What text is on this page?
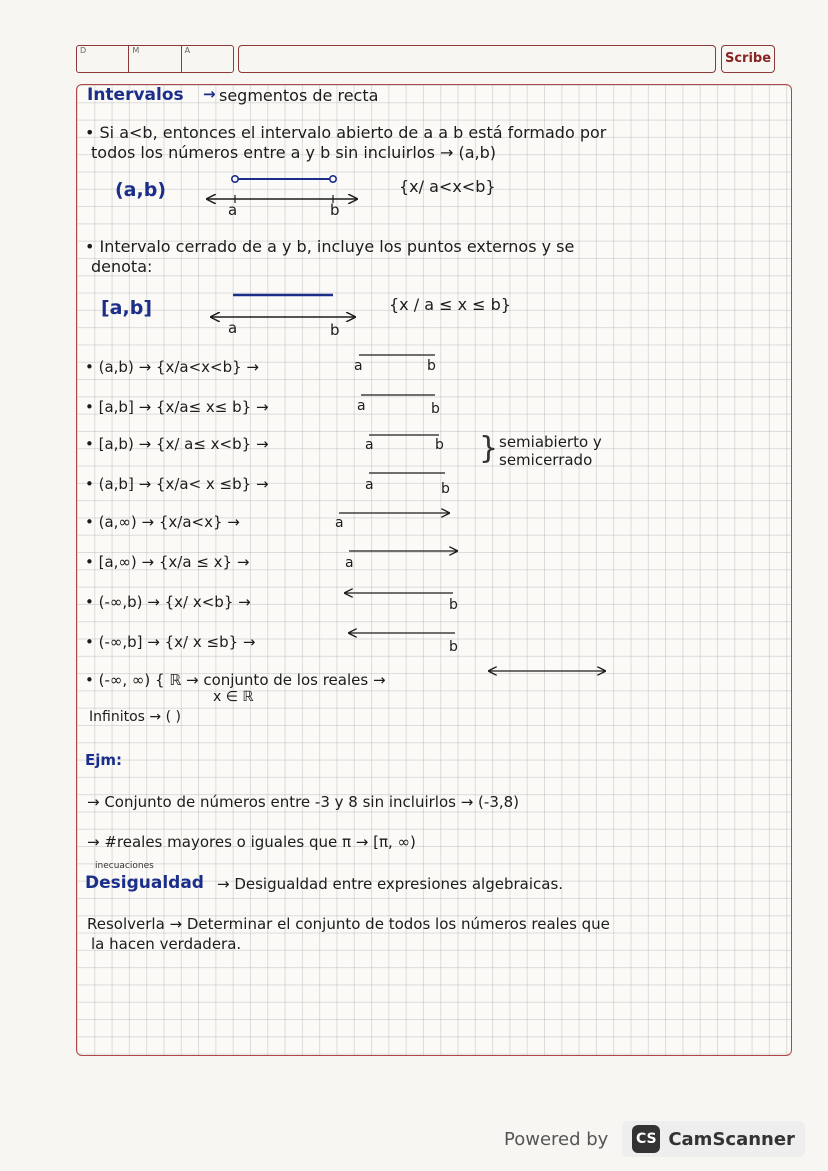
D	M	A
Scribe
Intervalos → segmentos de recta
• Si a<b, entonces el intervalo abierto de a a b está formado por
todos los números entre a y b sin incluirlos → (a,b)
(a,b)	{x/ a<x<b}
a	b
• Intervalo cerrado de a y b, incluye los puntos externos y se
denota:
[a,b]	{x / a ≤ x ≤ b}
a	b
• (a,b) → {x/a<x<b} →	a	b
• [a,b] → {x/a≤ x≤ b} →	a	b
• [a,b) → {x/ a≤ x<b} →	a	b
• (a,b] → {x/a< x ≤b} →	a	b
• (a,∞) → {x/a<x} →	a
• [a,∞) → {x/a ≤ x} →	a
• (-∞,b) → {x/ x<b} →	b
• (-∞,b] → {x/ x ≤b} →	b
} semiabierto y
semicerrado
• (-∞, ∞) { ℝ → conjunto de los reales →
x ∈ ℝ
Infinitos → ( )
Ejm:
→ Conjunto de números entre -3 y 8 sin incluirlos → (-3,8)
→ #reales mayores o iguales que π → [π, ∞)
inecuaciones
Desigualdad → Desigualdad entre expresiones algebraicas.
Resolverla → Determinar el conjunto de todos los números reales que
la hacen verdadera.
Powered by CS CamScanner
